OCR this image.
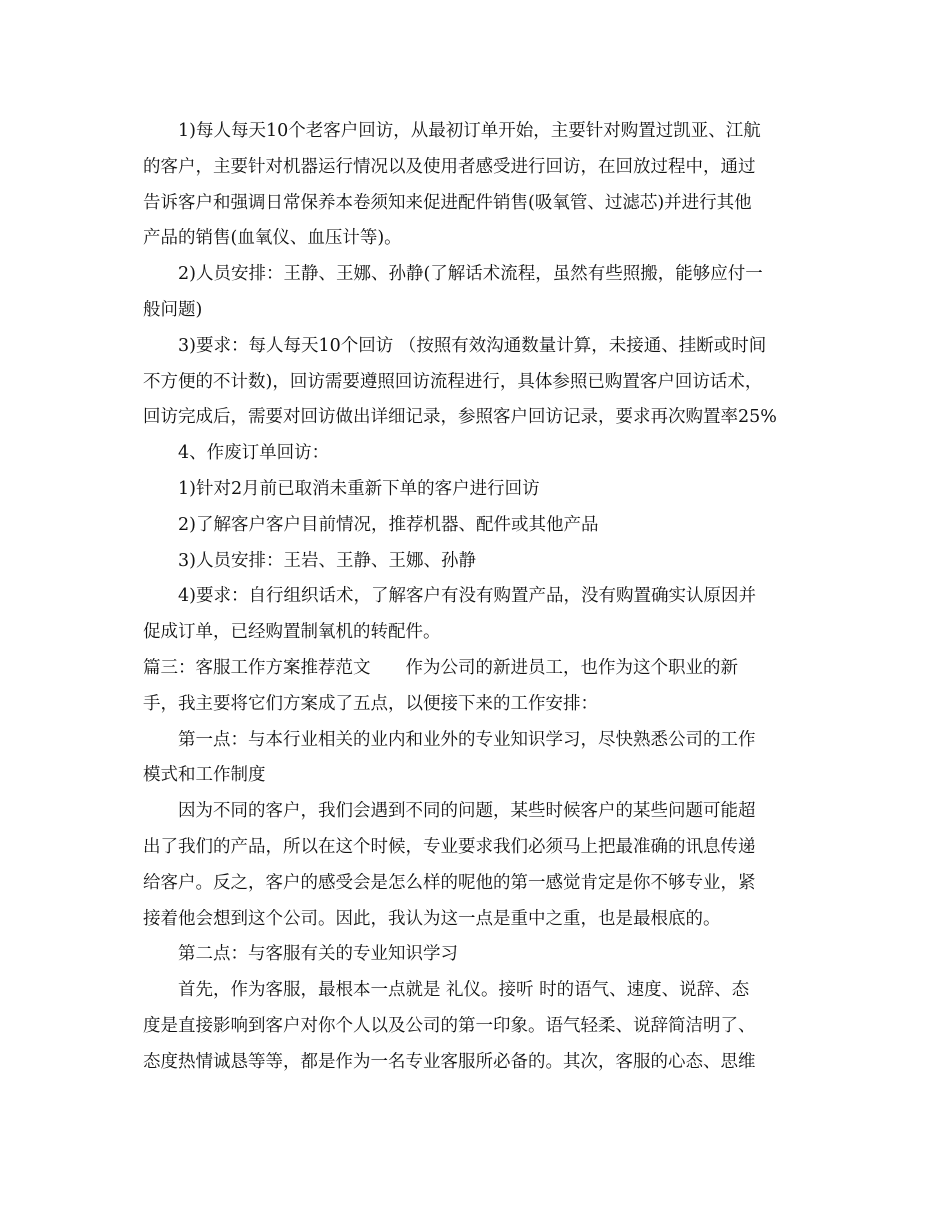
1)每人每天10个老客户回访，从最初订单开始，主要针对购置过凯亚、江航
的客户，主要针对机器运行情况以及使用者感受进行回访，在回放过程中，通过
告诉客户和强调日常保养本卷须知来促进配件销售(吸氧管、过滤芯)并进行其他
产品的销售(血氧仪、血压计等)。
2)人员安排：王静、王娜、孙静(了解话术流程，虽然有些照搬，能够应付一
般问题)
3)要求：每人每天10个回访 （按照有效沟通数量计算，未接通、挂断或时间
不方便的不计数)，回访需要遵照回访流程进行，具体参照已购置客户回访话术，
回访完成后，需要对回访做出详细记录，参照客户回访记录，要求再次购置率25%
4、作废订单回访：
1)针对2月前已取消未重新下单的客户进行回访
2)了解客户客户目前情况，推荐机器、配件或其他产品
3)人员安排：王岩、王静、王娜、孙静
4)要求：自行组织话术，了解客户有没有购置产品，没有购置确实认原因并
促成订单，已经购置制氧机的转配件。
篇三：客服工作方案推荐范文　　作为公司的新进员工，也作为这个职业的新
手，我主要将它们方案成了五点，以便接下来的工作安排：
第一点：与本行业相关的业内和业外的专业知识学习，尽快熟悉公司的工作
模式和工作制度
因为不同的客户，我们会遇到不同的问题，某些时候客户的某些问题可能超
出了我们的产品，所以在这个时候，专业要求我们必须马上把最准确的讯息传递
给客户。反之，客户的感受会是怎么样的呢他的第一感觉肯定是你不够专业，紧
接着他会想到这个公司。因此，我认为这一点是重中之重，也是最根底的。
第二点：与客服有关的专业知识学习
首先，作为客服，最根本一点就是 礼仪。接听 时的语气、速度、说辞、态
度是直接影响到客户对你个人以及公司的第一印象。语气轻柔、说辞简洁明了、
态度热情诚恳等等，都是作为一名专业客服所必备的。其次，客服的心态、思维
